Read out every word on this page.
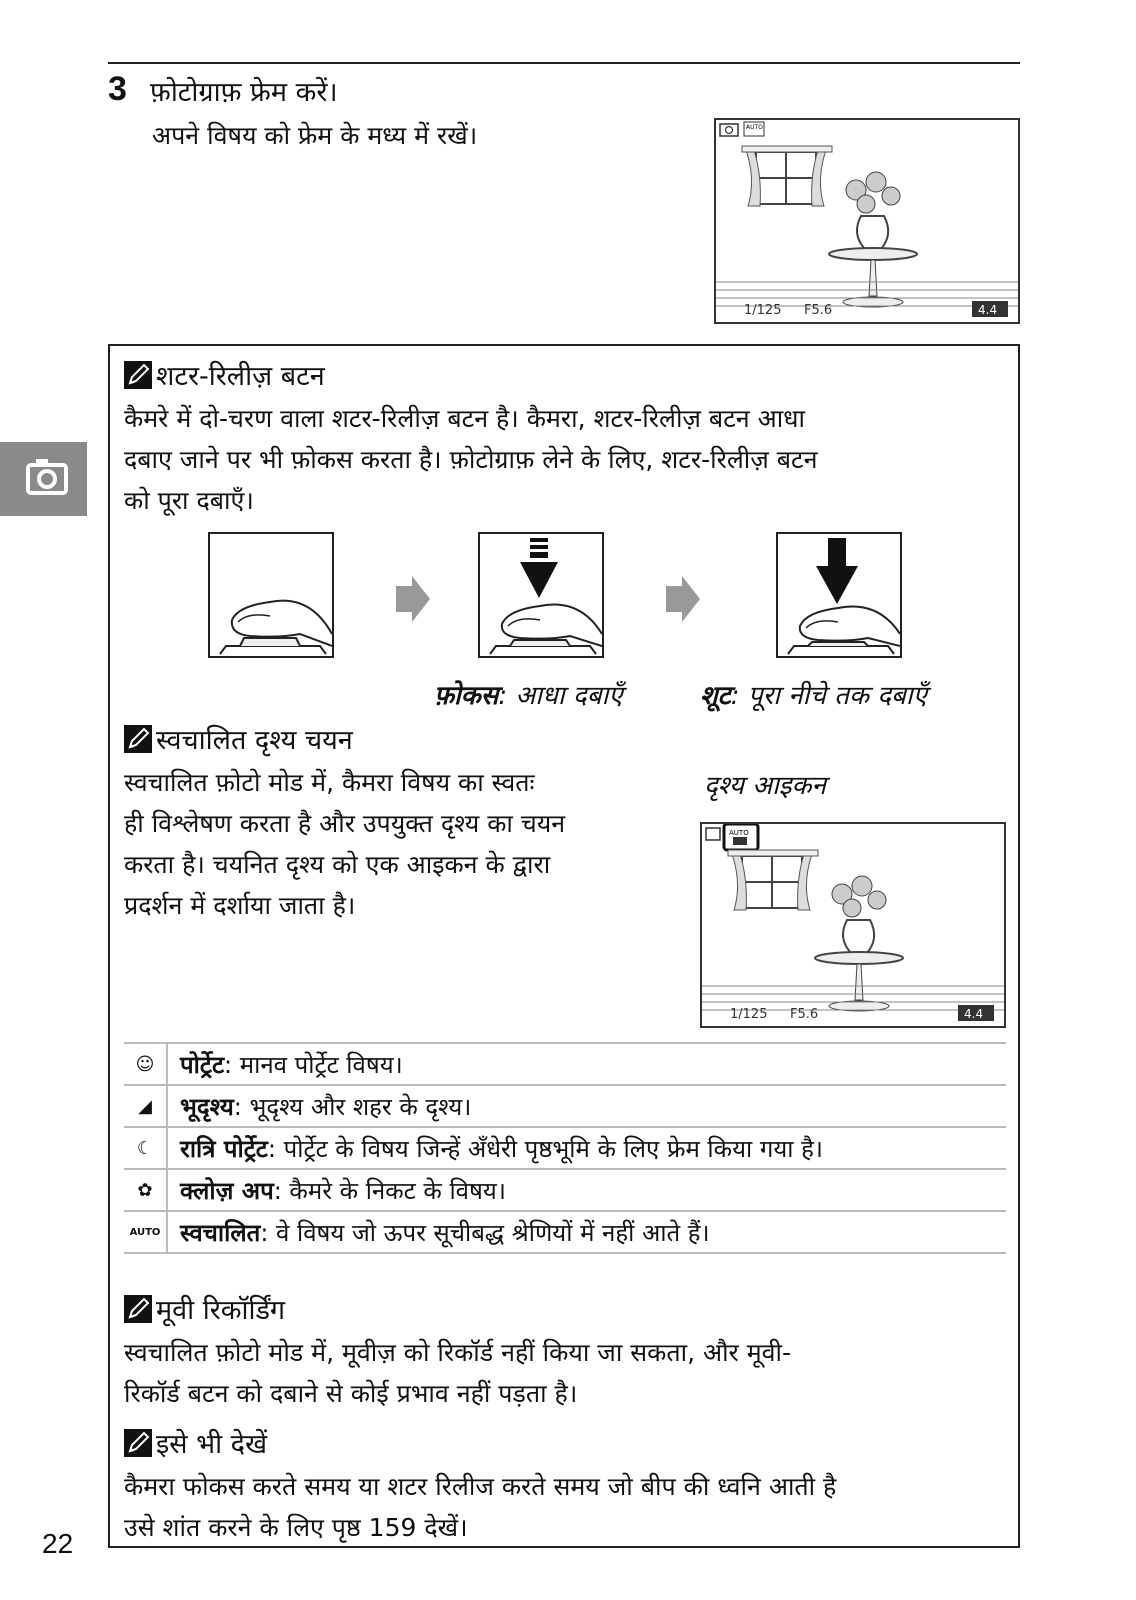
3 फ़ोटोग्राफ़ फ्रेम करें।
अपने विषय को फ्रेम के मध्य में रखें।	AUTO
1/125 F5.6	4.4
शटर-रिलीज़ बटन
कैमरे में दो-चरण वाला शटर-रिलीज़ बटन है। कैमरा, शटर-रिलीज़ बटन आधा
दबाए जाने पर भी फ़ोकस करता है। फ़ोटोग्राफ़ लेने के लिए, शटर-रिलीज़ बटन
को पूरा दबाएँ।
फ़ोकस: आधा दबाएँ	शूट: पूरा नीचे तक दबाएँ
स्वचालित दृश्य चयन
स्वचालित फ़ोटो मोड में, कैमरा विषय का स्वतः
ही विश्लेषण करता है और उपयुक्त दृश्य का चयन
करता है। चयनित दृश्य को एक आइकन के द्वारा
प्रदर्शन में दर्शाया जाता है।
दृश्य आइकन
AUTO
1/125 F5.6	4.4
☺	पोर्ट्रेट: मानव पोर्ट्रेट विषय।
◢	भूदृश्य: भूदृश्य और शहर के दृश्य।
☾	रात्रि पोर्ट्रेट: पोर्ट्रेट के विषय जिन्हें अँधेरी पृष्ठभूमि के लिए फ्रेम किया गया है।
✿	क्लोज़ अप: कैमरे के निकट के विषय।
AUTO	स्वचालित: वे विषय जो ऊपर सूचीबद्ध श्रेणियों में नहीं आते हैं।
मूवी रिकॉर्डिंग
स्वचालित फ़ोटो मोड में, मूवीज़ को रिकॉर्ड नहीं किया जा सकता, और मूवी-
रिकॉर्ड बटन को दबाने से कोई प्रभाव नहीं पड़ता है।
इसे भी देखें
कैमरा फोकस करते समय या शटर रिलीज करते समय जो बीप की ध्वनि आती है
उसे शांत करने के लिए पृष्ठ 159 देखें।
22
